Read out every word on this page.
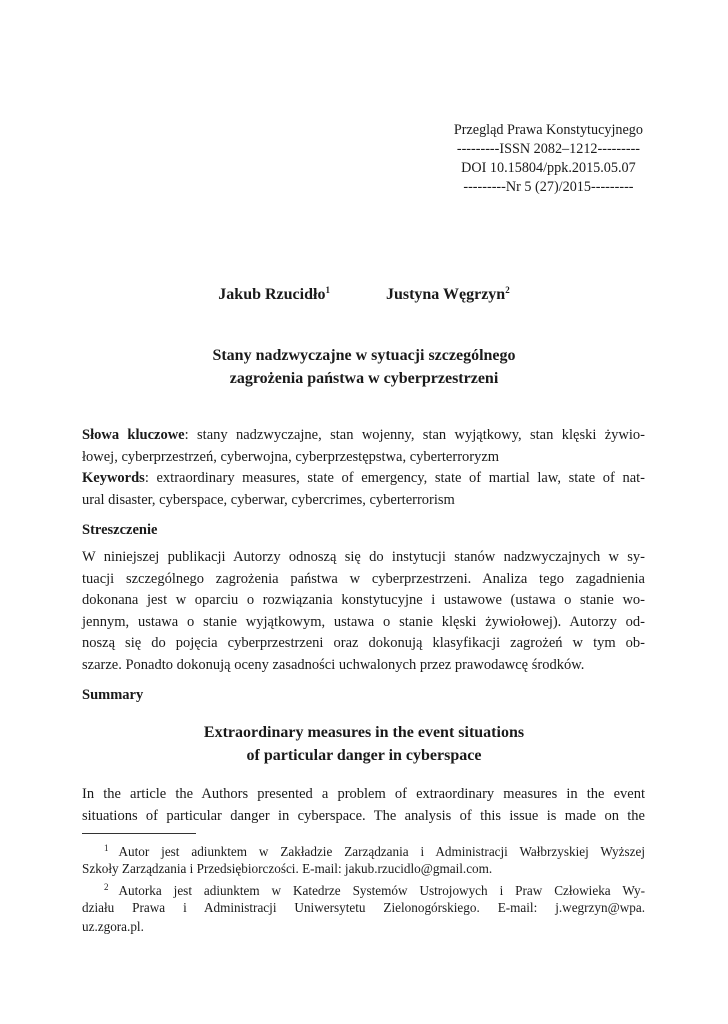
Przegląd Prawa Konstytucyjnego
---------ISSN 2082–1212---------
DOI 10.15804/ppk.2015.05.07
---------Nr 5 (27)/2015---------
Jakub Rzucidło$^1$	Justyna Węgrzyn$^2$
Stany nadzwyczajne w sytuacji szczególnego
zagrożenia państwa w cyberprzestrzeni
Słowa kluczowe: stany nadzwyczajne, stan wojenny, stan wyjątkowy, stan klęski żywio-
łowej, cyberprzestrzeń, cyberwojna, cyberprzestępstwa, cyberterroryzm
Keywords: extraordinary measures, state of emergency, state of martial law, state of nat-
ural disaster, cyberspace, cyberwar, cybercrimes, cyberterrorism
Streszczenie
W niniejszej publikacji Autorzy odnoszą się do instytucji stanów nadzwyczajnych w sy-
tuacji szczególnego zagrożenia państwa w cyberprzestrzeni. Analiza tego zagadnienia
dokonana jest w oparciu o rozwiązania konstytucyjne i ustawowe (ustawa o stanie wo-
jennym, ustawa o stanie wyjątkowym, ustawa o stanie klęski żywiołowej). Autorzy od-
noszą się do pojęcia cyberprzestrzeni oraz dokonują klasyfikacji zagrożeń w tym ob-
szarze. Ponadto dokonują oceny zasadności uchwalonych przez prawodawcę środków.
Summary
Extraordinary measures in the event situations
of particular danger in cyberspace
In the article the Authors presented a problem of extraordinary measures in the event
situations of particular danger in cyberspace. The analysis of this issue is made on the
$^1$ Autor jest adiunktem w Zakładzie Zarządzania i Administracji Wałbrzyskiej Wyższej
Szkoły Zarządzania i Przedsiębiorczości. E-mail: jakub.rzucidlo@gmail.com.
$^2$ Autorka jest adiunktem w Katedrze Systemów Ustrojowych i Praw Człowieka Wy-
działu Prawa i Administracji Uniwersytetu Zielonogórskiego. E-mail: j.wegrzyn@wpa.
uz.zgora.pl.
